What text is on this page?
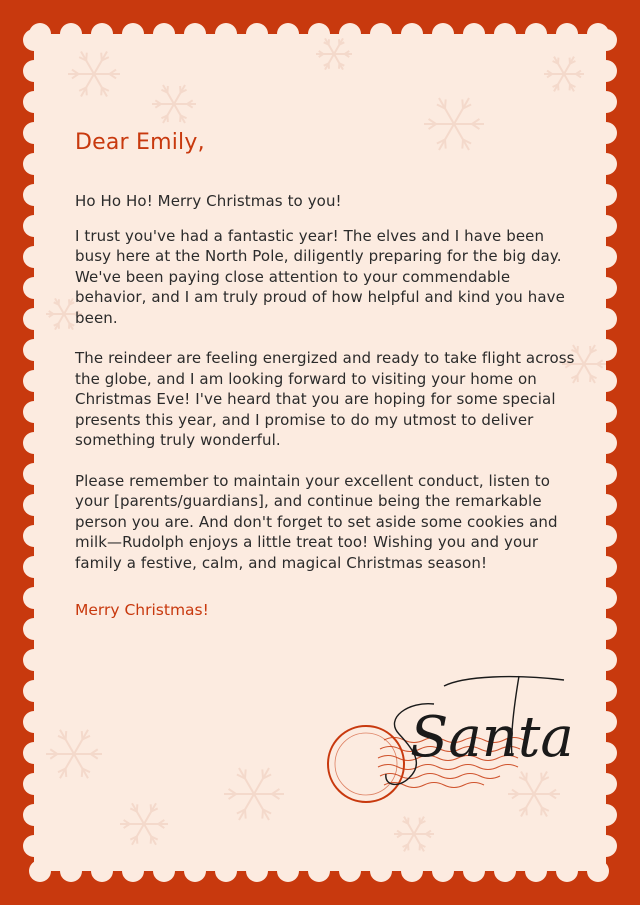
Dear Emily,

Ho Ho Ho! Merry Christmas to you!

I trust you've had a fantastic year! The elves and I have been busy here at the North Pole, diligently preparing for the big day. We've been paying close attention to your commendable behavior, and I am truly proud of how helpful and kind you have been.

The reindeer are feeling energized and ready to take flight across the globe, and I am looking forward to visiting your home on Christmas Eve! I've heard that you are hoping for some special presents this year, and I promise to do my utmost to deliver something truly wonderful.

Please remember to maintain your excellent conduct, listen to your [parents/guardians], and continue being the remarkable person you are. And don't forget to set aside some cookies and milk—Rudolph enjoys a little treat too! Wishing you and your family a festive, calm, and magical Christmas season!

Merry Christmas!
Santa
